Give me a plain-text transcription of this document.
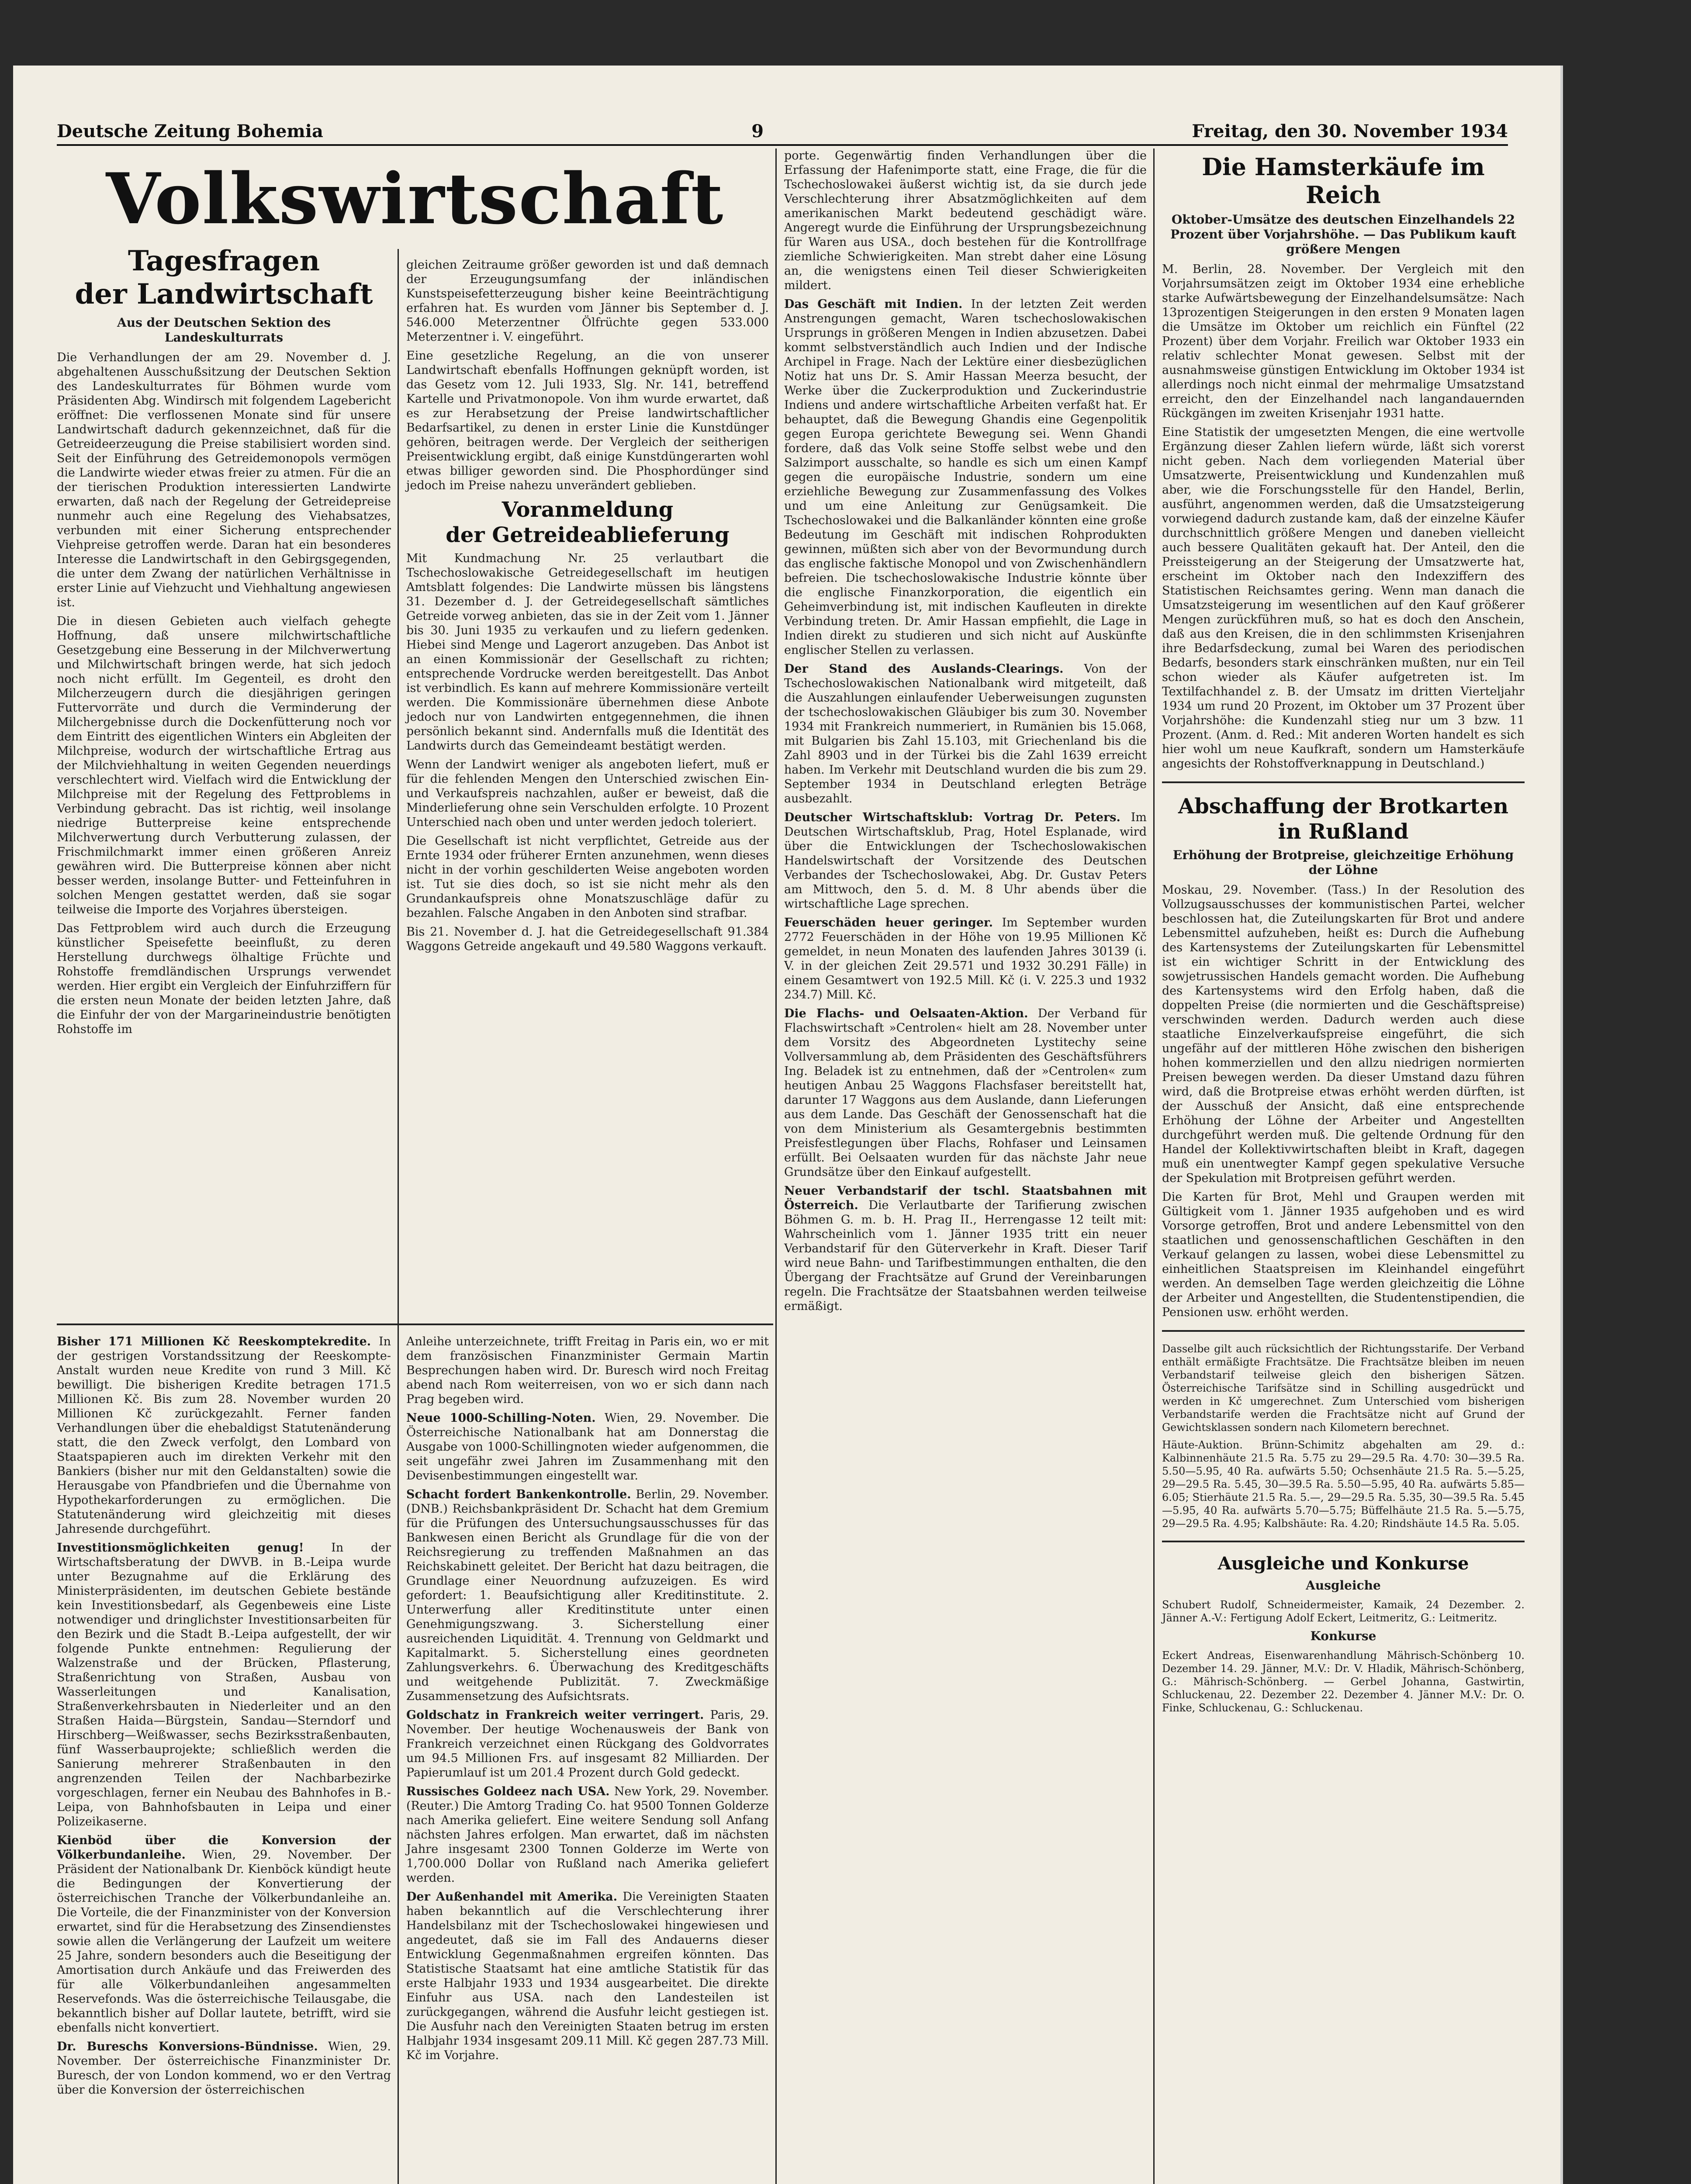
Deutsche Zeitung Bohemia	9	Freitag, den 30. November 1934
Volkswirtschaft
Tagesfragen
der Landwirtschaft
Aus der Deutschen Sektion des Landeskulturrats

Die Verhandlungen der am 29. November d. J. abgehaltenen Ausschußsitzung der Deutschen Sektion des Landeskulturrates für Böhmen wurde vom Präsidenten Abg. Windirsch mit folgendem Lagebericht eröffnet: Die verflossenen Monate sind für unsere Landwirtschaft dadurch gekennzeichnet, daß für die Getreideerzeugung die Preise stabilisiert worden sind. Seit der Einführung des Getreidemonopols vermögen die Landwirte wieder etwas freier zu atmen. Für die an der tierischen Produktion interessierten Landwirte erwarten, daß nach der Regelung der Getreidepreise nunmehr auch eine Regelung des Viehabsatzes, verbunden mit einer Sicherung entsprechender Viehpreise getroffen werde. Daran hat ein besonderes Interesse die Landwirtschaft in den Gebirgsgegenden, die unter dem Zwang der natürlichen Verhältnisse in erster Linie auf Viehzucht und Viehhaltung angewiesen ist.

Die in diesen Gebieten auch vielfach gehegte Hoffnung, daß unsere milchwirtschaftliche Gesetzgebung eine Besserung in der Milchverwertung und Milchwirtschaft bringen werde, hat sich jedoch noch nicht erfüllt. Im Gegenteil, es droht den Milcherzeugern durch die diesjährigen geringen Futtervorräte und durch die Verminderung der Milchergebnisse durch die Dockenfütterung noch vor dem Eintritt des eigentlichen Winters ein Abgleiten der Milchpreise, wodurch der wirtschaftliche Ertrag aus der Milchviehhaltung in weiten Gegenden neuerdings verschlechtert wird. Vielfach wird die Entwicklung der Milchpreise mit der Regelung des Fettproblems in Verbindung gebracht. Das ist richtig, weil insolange niedrige Butterpreise keine entsprechende Milchverwertung durch Verbutterung zulassen, der Frischmilchmarkt immer einen größeren Anreiz gewähren wird. Die Butterpreise können aber nicht besser werden, insolange Butter- und Fetteinfuhren in solchen Mengen gestattet werden, daß sie sogar teilweise die Importe des Vorjahres übersteigen.

Das Fettproblem wird auch durch die Erzeugung künstlicher Speisefette beeinflußt, zu deren Herstellung durchwegs ölhaltige Früchte und Rohstoffe fremdländischen Ursprungs verwendet werden. Hier ergibt ein Vergleich der Einfuhrziffern für die ersten neun Monate der beiden letzten Jahre, daß die Einfuhr der von der Margarineindustrie benötigten Rohstoffe im

Bisher 171 Millionen Kč Reeskomptekredite. In der gestrigen Vorstandssitzung der Reeskompte-Anstalt wurden neue Kredite von rund 3 Mill. Kč bewilligt. Die bisherigen Kredite betragen 171.5 Millionen Kč. Bis zum 28. November wurden 20 Millionen Kč zurückgezahlt. Ferner fanden Verhandlungen über die ehebaldigst Statutenänderung statt, die den Zweck verfolgt, den Lombard von Staatspapieren auch im direkten Verkehr mit den Bankiers (bisher nur mit den Geldanstalten) sowie die Herausgabe von Pfandbriefen und die Übernahme von Hypothekarforderungen zu ermöglichen. Die Statutenänderung wird gleichzeitig mit dieses Jahresende durchgeführt.

Investitionsmöglichkeiten genug! In der Wirtschaftsberatung der DWVB. in B.-Leipa wurde unter Bezugnahme auf die Erklärung des Ministerpräsidenten, im deutschen Gebiete bestände kein Investitionsbedarf, als Gegenbeweis eine Liste notwendiger und dringlichster Investitionsarbeiten für den Bezirk und die Stadt B.-Leipa aufgestellt, der wir folgende Punkte entnehmen: Regulierung der Walzenstraße und der Brücken, Pflasterung, Straßenrichtung von Straßen, Ausbau von Wasserleitungen und Kanalisation, Straßenverkehrsbauten in Niederleiter und an den Straßen Haida—Bürgstein, Sandau—Sterndorf und Hirschberg—Weißwasser, sechs Bezirksstraßenbauten, fünf Wasserbauprojekte; schließlich werden die Sanierung mehrerer Straßenbauten in den angrenzenden Teilen der Nachbarbezirke vorgeschlagen, ferner ein Neubau des Bahnhofes in B.-Leipa, von Bahnhofsbauten in Leipa und einer Polizeikaserne.

Kienböd über die Konversion der Völkerbundanleihe. Wien, 29. November. Der Präsident der Nationalbank Dr. Kienböck kündigt heute die Bedingungen der Konvertierung der österreichischen Tranche der Völkerbundanleihe an. Die Vorteile, die der Finanzminister von der Konversion erwartet, sind für die Herabsetzung des Zinsendienstes sowie allen die Verlängerung der Laufzeit um weitere 25 Jahre, sondern besonders auch die Beseitigung der Amortisation durch Ankäufe und das Freiwerden des für alle Völkerbundanleihen angesammelten Reservefonds. Was die österreichische Teilausgabe, die bekanntlich bisher auf Dollar lautete, betrifft, wird sie ebenfalls nicht konvertiert.

Dr. Bureschs Konversions-Bündnisse. Wien, 29. November. Der österreichische Finanzminister Dr. Buresch, der von London kommend, wo er den Vertrag über die Konversion der österreichischen

gleichen Zeitraume größer geworden ist und daß demnach der Erzeugungsumfang der inländischen Kunstspeisefetterzeugung bisher keine Beeinträchtigung erfahren hat. Es wurden vom Jänner bis September d. J. 546.000 Meterzentner Ölfrüchte gegen 533.000 Meterzentner i. V. eingeführt.

Eine gesetzliche Regelung, an die von unserer Landwirtschaft ebenfalls Hoffnungen geknüpft worden, ist das Gesetz vom 12. Juli 1933, Slg. Nr. 141, betreffend Kartelle und Privatmonopole. Von ihm wurde erwartet, daß es zur Herabsetzung der Preise landwirtschaftlicher Bedarfsartikel, zu denen in erster Linie die Kunstdünger gehören, beitragen werde. Der Vergleich der seitherigen Preisentwicklung ergibt, daß einige Kunstdüngerarten wohl etwas billiger geworden sind. Die Phosphordünger sind jedoch im Preise nahezu unverändert geblieben.

Voranmeldung
der Getreideablieferung

Mit Kundmachung Nr. 25 verlautbart die Tschechoslowakische Getreidegesellschaft im heutigen Amtsblatt folgendes: Die Landwirte müssen bis längstens 31. Dezember d. J. der Getreidegesellschaft sämtliches Getreide vorweg anbieten, das sie in der Zeit vom 1. Jänner bis 30. Juni 1935 zu verkaufen und zu liefern gedenken. Hiebei sind Menge und Lagerort anzugeben. Das Anbot ist an einen Kommissionär der Gesellschaft zu richten; entsprechende Vordrucke werden bereitgestellt. Das Anbot ist verbindlich. Es kann auf mehrere Kommissionäre verteilt werden. Die Kommissionäre übernehmen diese Anbote jedoch nur von Landwirten entgegennehmen, die ihnen persönlich bekannt sind. Andernfalls muß die Identität des Landwirts durch das Gemeindeamt bestätigt werden.

Wenn der Landwirt weniger als angeboten liefert, muß er für die fehlenden Mengen den Unterschied zwischen Ein- und Verkaufspreis nachzahlen, außer er beweist, daß die Minderlieferung ohne sein Verschulden erfolgte. 10 Prozent Unterschied nach oben und unter werden jedoch toleriert.

Die Gesellschaft ist nicht verpflichtet, Getreide aus der Ernte 1934 oder früherer Ernten anzunehmen, wenn dieses nicht in der vorhin geschilderten Weise angeboten worden ist. Tut sie dies doch, so ist sie nicht mehr als den Grundankaufspreis ohne Monatszuschläge dafür zu bezahlen. Falsche Angaben in den Anboten sind strafbar.

Bis 21. November d. J. hat die Getreidegesellschaft 91.384 Waggons Getreide angekauft und 49.580 Waggons verkauft.

Anleihe unterzeichnete, trifft Freitag in Paris ein, wo er mit dem französischen Finanzminister Germain Martin Besprechungen haben wird. Dr. Buresch wird noch Freitag abend nach Rom weiterreisen, von wo er sich dann nach Prag begeben wird.

Neue 1000-Schilling-Noten. Wien, 29. November. Die Österreichische Nationalbank hat am Donnerstag die Ausgabe von 1000-Schillingnoten wieder aufgenommen, die seit ungefähr zwei Jahren im Zusammenhang mit den Devisenbestimmungen eingestellt war.

Schacht fordert Bankenkontrolle. Berlin, 29. November. (DNB.) Reichsbankpräsident Dr. Schacht hat dem Gremium für die Prüfungen des Untersuchungsausschusses für das Bankwesen einen Bericht als Grundlage für die von der Reichsregierung zu treffenden Maßnahmen an das Reichskabinett geleitet. Der Bericht hat dazu beitragen, die Grundlage einer Neuordnung aufzuzeigen. Es wird gefordert: 1. Beaufsichtigung aller Kreditinstitute. 2. Unterwerfung aller Kreditinstitute unter einen Genehmigungszwang. 3. Sicherstellung einer ausreichenden Liquidität. 4. Trennung von Geldmarkt und Kapitalmarkt. 5. Sicherstellung eines geordneten Zahlungsverkehrs. 6. Überwachung des Kreditgeschäfts und weitgehende Publizität. 7. Zweckmäßige Zusammensetzung des Aufsichtsrats.

Goldschatz in Frankreich weiter verringert. Paris, 29. November. Der heutige Wochenausweis der Bank von Frankreich verzeichnet einen Rückgang des Goldvorrates um 94.5 Millionen Frs. auf insgesamt 82 Milliarden. Der Papierumlauf ist um 201.4 Prozent durch Gold gedeckt.

Russisches Goldeez nach USA. New York, 29. November. (Reuter.) Die Amtorg Trading Co. hat 9500 Tonnen Golderze nach Amerika geliefert. Eine weitere Sendung soll Anfang nächsten Jahres erfolgen. Man erwartet, daß im nächsten Jahre insgesamt 2300 Tonnen Golderze im Werte von 1,700.000 Dollar von Rußland nach Amerika geliefert werden.

Der Außenhandel mit Amerika. Die Vereinigten Staaten haben bekanntlich auf die Verschlechterung ihrer Handelsbilanz mit der Tschechoslowakei hingewiesen und angedeutet, daß sie im Fall des Andauerns dieser Entwicklung Gegenmaßnahmen ergreifen könnten. Das Statistische Staatsamt hat eine amtliche Statistik für das erste Halbjahr 1933 und 1934 ausgearbeitet. Die direkte Einfuhr aus USA. nach den Landesteilen ist zurückgegangen, während die Ausfuhr leicht gestiegen ist. Die Ausfuhr nach den Vereinigten Staaten betrug im ersten Halbjahr 1934 insgesamt 209.11 Mill. Kč gegen 287.73 Mill. Kč im Vorjahre.

porte. Gegenwärtig finden Verhandlungen über die Erfassung der Hafenimporte statt, eine Frage, die für die Tschechoslowakei äußerst wichtig ist, da sie durch jede Verschlechterung ihrer Absatzmöglichkeiten auf dem amerikanischen Markt bedeutend geschädigt wäre. Angeregt wurde die Einführung der Ursprungsbezeichnung für Waren aus USA., doch bestehen für die Kontrollfrage ziemliche Schwierigkeiten. Man strebt daher eine Lösung an, die wenigstens einen Teil dieser Schwierigkeiten mildert.

Das Geschäft mit Indien. In der letzten Zeit werden Anstrengungen gemacht, Waren tschechoslowakischen Ursprungs in größeren Mengen in Indien abzusetzen. Dabei kommt selbstverständlich auch Indien und der Indische Archipel in Frage. Nach der Lektüre einer diesbezüglichen Notiz hat uns Dr. S. Amir Hassan Meerza besucht, der Werke über die Zuckerproduktion und Zuckerindustrie Indiens und andere wirtschaftliche Arbeiten verfaßt hat. Er behauptet, daß die Bewegung Ghandis eine Gegenpolitik gegen Europa gerichtete Bewegung sei. Wenn Ghandi fordere, daß das Volk seine Stoffe selbst webe und den Salzimport ausschalte, so handle es sich um einen Kampf gegen die europäische Industrie, sondern um eine erziehliche Bewegung zur Zusammenfassung des Volkes und um eine Anleitung zur Genügsamkeit. Die Tschechoslowakei und die Balkanländer könnten eine große Bedeutung im Geschäft mit indischen Rohprodukten gewinnen, müßten sich aber von der Bevormundung durch das englische faktische Monopol und von Zwischenhändlern befreien. Die tschechoslowakische Industrie könnte über die englische Finanzkorporation, die eigentlich ein Geheimverbindung ist, mit indischen Kaufleuten in direkte Verbindung treten. Dr. Amir Hassan empfiehlt, die Lage in Indien direkt zu studieren und sich nicht auf Auskünfte englischer Stellen zu verlassen.

Der Stand des Auslands-Clearings. Von der Tschechoslowakischen Nationalbank wird mitgeteilt, daß die Auszahlungen einlaufender Ueberweisungen zugunsten der tschechoslowakischen Gläubiger bis zum 30. November 1934 mit Frankreich nummeriert, in Rumänien bis 15.068, mit Bulgarien bis Zahl 15.103, mit Griechenland bis die Zahl 8903 und in der Türkei bis die Zahl 1639 erreicht haben. Im Verkehr mit Deutschland wurden die bis zum 29. September 1934 in Deutschland erlegten Beträge ausbezahlt.

Deutscher Wirtschaftsklub: Vortrag Dr. Peters. Im Deutschen Wirtschaftsklub, Prag, Hotel Esplanade, wird über die Entwicklungen der Tschechoslowakischen Handelswirtschaft der Vorsitzende des Deutschen Verbandes der Tschechoslowakei, Abg. Dr. Gustav Peters am Mittwoch, den 5. d. M. 8 Uhr abends über die wirtschaftliche Lage sprechen.

Feuerschäden heuer geringer. Im September wurden 2772 Feuerschäden in der Höhe von 19.95 Millionen Kč gemeldet, in neun Monaten des laufenden Jahres 30139 (i. V. in der gleichen Zeit 29.571 und 1932 30.291 Fälle) in einem Gesamtwert von 192.5 Mill. Kč (i. V. 225.3 und 1932 234.7) Mill. Kč.

Die Flachs- und Oelsaaten-Aktion. Der Verband für Flachswirtschaft »Centrolen« hielt am 28. November unter dem Vorsitz des Abgeordneten Lystitechy seine Vollversammlung ab, dem Präsidenten des Geschäftsführers Ing. Beladek ist zu entnehmen, daß der »Centrolen« zum heutigen Anbau 25 Waggons Flachsfaser bereitstellt hat, darunter 17 Waggons aus dem Auslande, dann Lieferungen aus dem Lande. Das Geschäft der Genossenschaft hat die von dem Ministerium als Gesamtergebnis bestimmten Preisfestlegungen über Flachs, Rohfaser und Leinsamen erfüllt. Bei Oelsaaten wurden für das nächste Jahr neue Grundsätze über den Einkauf aufgestellt.

Neuer Verbandstarif der tschl. Staatsbahnen mit Österreich. Die Verlautbarte der Tarifierung zwischen Böhmen G. m. b. H. Prag II., Herrengasse 12 teilt mit: Wahrscheinlich vom 1. Jänner 1935 tritt ein neuer Verbandstarif für den Güterverkehr in Kraft. Dieser Tarif wird neue Bahn- und Tarifbestimmungen enthalten, die den Übergang der Frachtsätze auf Grund der Vereinbarungen regeln. Die Frachtsätze der Staatsbahnen werden teilweise ermäßigt.

Die Hamsterkäufe im Reich
Oktober-Umsätze des deutschen Einzelhandels 22 Prozent über Vorjahrshöhe. — Das Publikum kauft größere Mengen

M. Berlin, 28. November. Der Vergleich mit den Vorjahrsumsätzen zeigt im Oktober 1934 eine erhebliche starke Aufwärtsbewegung der Einzelhandelsumsätze: Nach 13prozentigen Steigerungen in den ersten 9 Monaten lagen die Umsätze im Oktober um reichlich ein Fünftel (22 Prozent) über dem Vorjahr. Freilich war Oktober 1933 ein relativ schlechter Monat gewesen. Selbst mit der ausnahmsweise günstigen Entwicklung im Oktober 1934 ist allerdings noch nicht einmal der mehrmalige Umsatzstand erreicht, den der Einzelhandel nach langandauernden Rückgängen im zweiten Krisenjahr 1931 hatte.

Eine Statistik der umgesetzten Mengen, die eine wertvolle Ergänzung dieser Zahlen liefern würde, läßt sich vorerst nicht geben. Nach dem vorliegenden Material über Umsatzwerte, Preisentwicklung und Kundenzahlen muß aber, wie die Forschungsstelle für den Handel, Berlin, ausführt, angenommen werden, daß die Umsatzsteigerung vorwiegend dadurch zustande kam, daß der einzelne Käufer durchschnittlich größere Mengen und daneben vielleicht auch bessere Qualitäten gekauft hat. Der Anteil, den die Preissteigerung an der Steigerung der Umsatzwerte hat, erscheint im Oktober nach den Indexziffern des Statistischen Reichsamtes gering. Wenn man danach die Umsatzsteigerung im wesentlichen auf den Kauf größerer Mengen zurückführen muß, so hat es doch den Anschein, daß aus den Kreisen, die in den schlimmsten Krisenjahren ihre Bedarfsdeckung, zumal bei Waren des periodischen Bedarfs, besonders stark einschränken mußten, nur ein Teil schon wieder als Käufer aufgetreten ist. Im Textilfachhandel z. B. der Umsatz im dritten Vierteljahr 1934 um rund 20 Prozent, im Oktober um 37 Prozent über Vorjahrshöhe: die Kundenzahl stieg nur um 3 bzw. 11 Prozent. (Anm. d. Red.: Mit anderen Worten handelt es sich hier wohl um neue Kaufkraft, sondern um Hamsterkäufe angesichts der Rohstoffverknappung in Deutschland.)

Abschaffung der Brotkarten
in Rußland
Erhöhung der Brotpreise, gleichzeitige Erhöhung der Löhne

Moskau, 29. November. (Tass.) In der Resolution des Vollzugsausschusses der kommunistischen Partei, welcher beschlossen hat, die Zuteilungskarten für Brot und andere Lebensmittel aufzuheben, heißt es: Durch die Aufhebung des Kartensystems der Zuteilungskarten für Lebensmittel ist ein wichtiger Schritt in der Entwicklung des sowjetrussischen Handels gemacht worden. Die Aufhebung des Kartensystems wird den Erfolg haben, daß die doppelten Preise (die normierten und die Geschäftspreise) verschwinden werden. Dadurch werden auch diese staatliche Einzelverkaufspreise eingeführt, die sich ungefähr auf der mittleren Höhe zwischen den bisherigen hohen kommerziellen und den allzu niedrigen normierten Preisen bewegen werden. Da dieser Umstand dazu führen wird, daß die Brotpreise etwas erhöht werden dürften, ist der Ausschuß der Ansicht, daß eine entsprechende Erhöhung der Löhne der Arbeiter und Angestellten durchgeführt werden muß. Die geltende Ordnung für den Handel der Kollektivwirtschaften bleibt in Kraft, dagegen muß ein unentwegter Kampf gegen spekulative Versuche der Spekulation mit Brotpreisen geführt werden.

Die Karten für Brot, Mehl und Graupen werden mit Gültigkeit vom 1. Jänner 1935 aufgehoben und es wird Vorsorge getroffen, Brot und andere Lebensmittel von den staatlichen und genossenschaftlichen Geschäften in den Verkauf gelangen zu lassen, wobei diese Lebensmittel zu einheitlichen Staatspreisen im Kleinhandel eingeführt werden. An demselben Tage werden gleichzeitig die Löhne der Arbeiter und Angestellten, die Studentenstipendien, die Pensionen usw. erhöht werden.

Dasselbe gilt auch rücksichtlich der Richtungsstarife. Der Verband enthält ermäßigte Frachtsätze. Die Frachtsätze bleiben im neuen Verbandstarif teilweise gleich den bisherigen Sätzen. Österreichische Tarifsätze sind in Schilling ausgedrückt und werden in Kč umgerechnet. Zum Unterschied vom bisherigen Verbandstarife werden die Frachtsätze nicht auf Grund der Gewichtsklassen sondern nach Kilometern berechnet.

Häute-Auktion. Brünn-Schimitz abgehalten am 29. d.: Kalbinnenhäute 21.5 Ra. 5.75 zu 29—29.5 Ra. 4.70: 30—39.5 Ra. 5.50—5.95, 40 Ra. aufwärts 5.50; Ochsenhäute 21.5 Ra. 5.—5.25, 29—29.5 Ra. 5.45, 30—39.5 Ra. 5.50—5.95, 40 Ra. aufwärts 5.85—6.05; Stierhäute 21.5 Ra. 5.—, 29—29.5 Ra. 5.35, 30—39.5 Ra. 5.45—5.95, 40 Ra. aufwärts 5.70—5.75; Büffelhäute 21.5 Ra. 5.—5.75, 29—29.5 Ra. 4.95; Kalbshäute: Ra. 4.20; Rindshäute 14.5 Ra. 5.05.

Ausgleiche und Konkurse
Ausgleiche

Schubert Rudolf, Schneidermeister, Kamaik, 24 Dezember. 2. Jänner A.-V.: Fertigung Adolf Eckert, Leitmeritz, G.: Leitmeritz.

Konkurse

Eckert Andreas, Eisenwarenhandlung Mährisch-Schönberg 10. Dezember 14. 29. Jänner, M.V.: Dr. V. Hladik, Mährisch-Schönberg, G.: Mährisch-Schönberg. — Gerbel Johanna, Gastwirtin, Schluckenau, 22. Dezember 22. Dezember 4. Jänner M.V.: Dr. O. Finke, Schluckenau, G.: Schluckenau.
